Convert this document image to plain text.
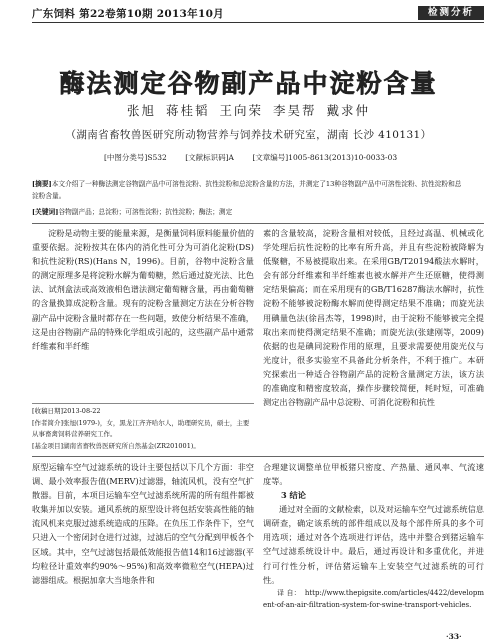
广东饲料 第22卷第10期 2013年10月	检测分析
酶法测定谷物副产品中淀粉含量
张旭 蒋桂韬 王向荣 李昊帮 戴求仲
（湖南省畜牧兽医研究所动物营养与饲养技术研究室，湖南 长沙 410131）
[中图分类号]S532 [文献标识码]A [文章编号]1005-8613(2013)10-0033-03
[摘要]本文介绍了一种酶法测定谷物副产品中可溶性淀粉、抗性淀粉和总淀粉含量的方法，并测定了13种谷物副产品中可溶性淀粉、抗性淀粉和总淀粉含量。
[关键词]谷物副产品；总淀粉；可溶性淀粉；抗性淀粉；酶法；测定

淀粉是动物主要的能量来源，是衡量饲料原料能量价值的重要依据。淀粉按其在体内的消化性可分为可消化淀粉(DS)和抗性淀粉(RS)(Hans N，1996)。目前，谷物中淀粉含量的测定原理多是将淀粉水解为葡萄糖，然后通过旋光法、比色法、试剂盒法或高效液相色谱法测定葡萄糖含量，再由葡萄糖的含量换算成淀粉含量。现有的淀粉含量测定方法在分析谷物副产品中淀粉含量时都存在一些问题，致使分析结果不准确，这是由谷物副产品的特殊化学组成引起的，这些副产品中通常纤维素和半纤维

素的含量较高，淀粉含量相对较低，且经过高温、机械或化学处理后抗性淀粉的比率有所升高，并且有些淀粉被降解为低聚糖，不易被提取出来。在采用GB/T20194酸法水解时，会有部分纤维素和半纤维素也被水解并产生还原糖，使得测定结果偏高；而在采用现有的GB/T16287酶法水解时，抗性淀粉不能够被淀粉酶水解而使得测定结果不准确；而旋光法用碘量色法(徐昌杰等，1998)时，由于淀粉不能够被完全提取出来而使得测定结果不准确；而旋光法(张建刚等，2009)依据的也是碘同淀粉作用的原理，且要求需要使用旋光仪与光度计，很多实验室不具备此分析条件，不利于推广。本研究探索出一种适合谷物副产品的淀粉含量测定方法，该方法的准确度和精密度较高，操作步骤较简便，耗时短，可准确测定出谷物副产品中总淀粉、可消化淀粉和抗性

[收稿日期]2013-08-22
[作者简介]张旭(1979-)，女，黑龙江齐齐哈尔人，助理研究员，硕士，主要从事畜禽饲料营养研究工作。
[基金项目]湖南省畜牧兽医研究所自然基金(ZR201001)。

原型运输车空气过滤系统的设计主要包括以下几个方面：非空调、最小效率报告值(MERV)过滤器，轴流风机，没有空气扩散器。目前，本项目运输车空气过滤系统所需的所有组件都被收集并加以安装。通风系统的原型设计将包括安装高性能的轴流风机来克服过滤系统造成的压降。在负压工作条件下，空气只进入一个密闭封仓进行过滤，过滤后的空气分配到甲板各个区域。其中，空气过滤包括最低效能报告值14和16过滤器(平均粒径计重效率约90%～95%)和高效率微粒空气(HEPA)过滤器组成。根据加拿大当地条件和

合理建议调整单位甲板猪只密度、产热量、通风率、气流速度等。

3 结论

通过对全面的文献检索，以及对运输车空气过滤系统信息调研查，确定该系统的部件组成以及每个部件所具的多个可用选项；通过对各个选项进行评估，选中并整合到猪运输车空气过滤系统设计中。最后，通过再设计和多重优化，并进行可行性分析，评估猪运输车上安装空气过滤系统的可行性。

译 自： http://www.thepigsite.com/articles/4422/development-of-an-air-filtration-system-for-swine-transport-vehicles.
·33·
